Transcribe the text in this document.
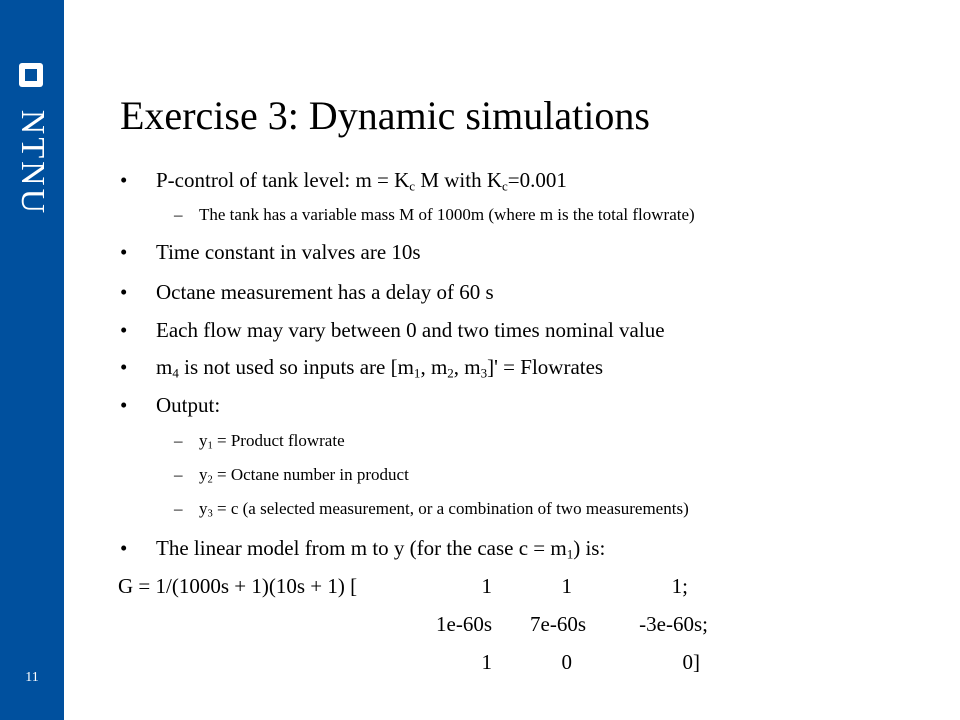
NTNU
11
Exercise 3: Dynamic simulations
• P-control of tank level: $m = K_c$ M with $K_c=0.001$
– The tank has a variable mass M of 1000m (where m is the total flowrate)
• Time constant in valves are 10s
• Octane measurement has a delay of 60 s
• Each flow may vary between 0 and two times nominal value
• $m_4$ is not used so inputs are [$m_1$, $m_2$, $m_3]'$ = Flowrates
• Output:
– $y_1$ = Product flowrate
– $y_2 = Octane$ number in product
– $y_3 = c$ (a selected measurement, or a combination of two measurements)
• The linear model from m to y (for the case $c = m_1$) is:
G = 1/(1000s + 1)(10s + 1) [	1	1	1;
1e-60s	7e-60s	-3e-60s;
1	0	0]
